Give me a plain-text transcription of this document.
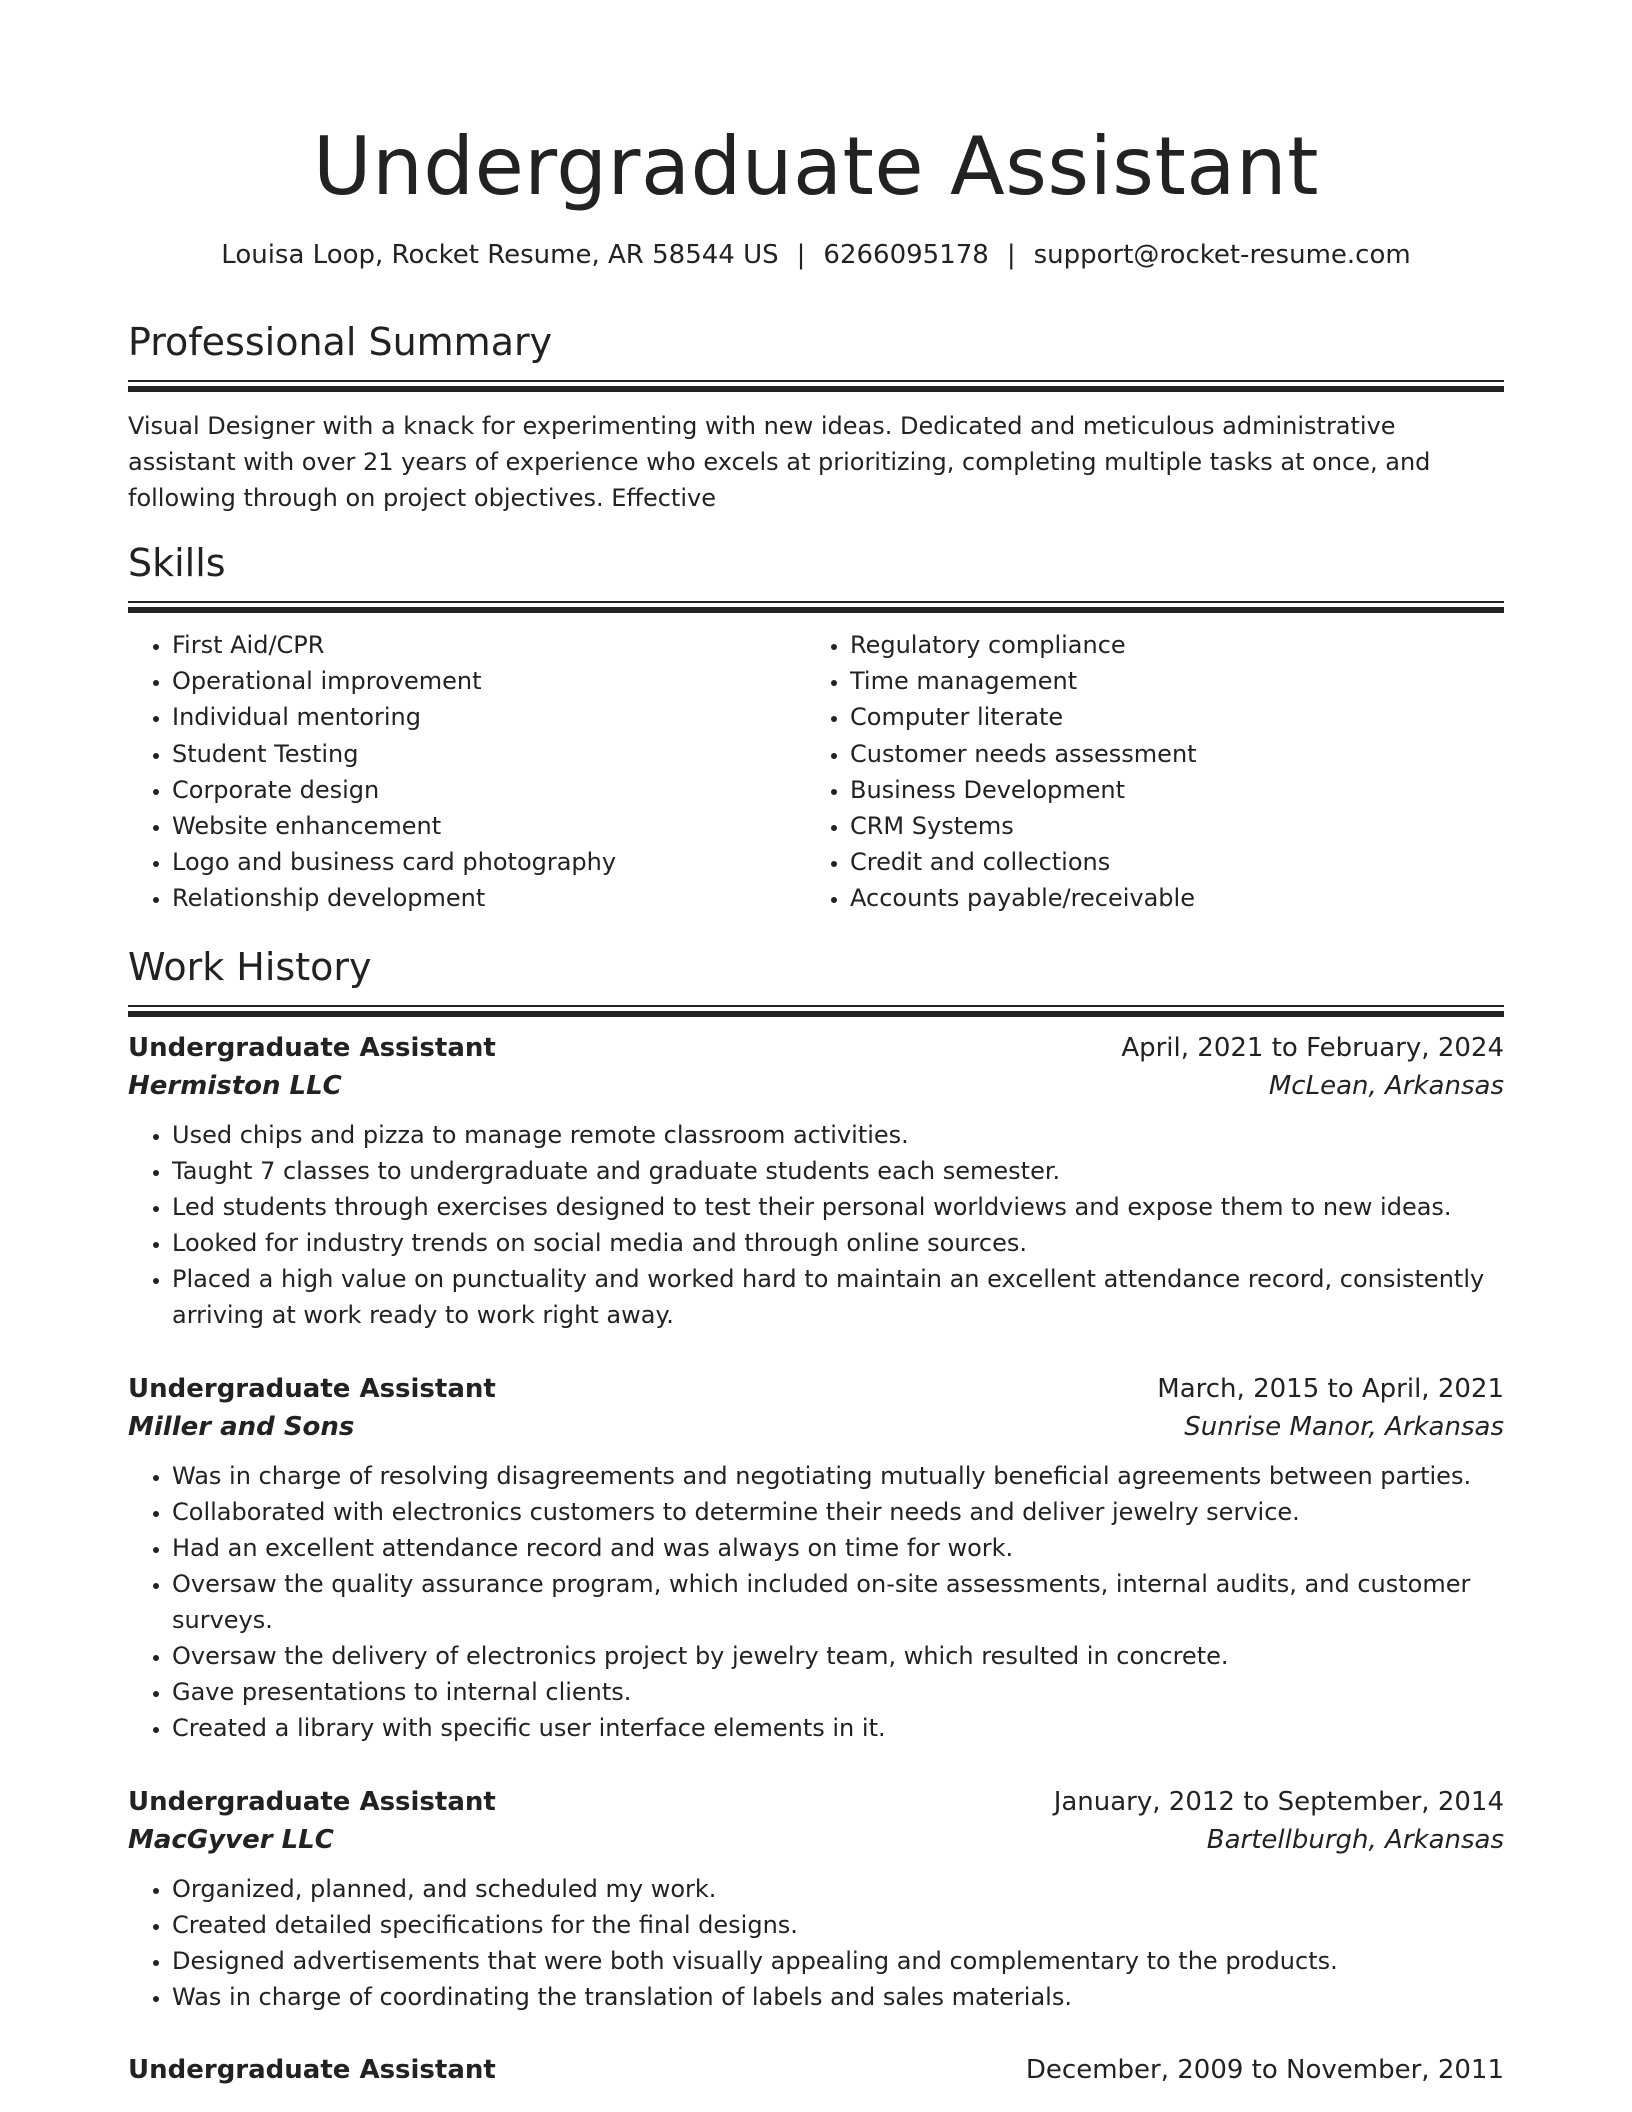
Undergraduate Assistant
Louisa Loop, Rocket Resume, AR 58544 US | 6266095178 | support@rocket-resume.com
Professional Summary

Visual Designer with a knack for experimenting with new ideas. Dedicated and meticulous administrative assistant with over 21 years of experience who excels at prioritizing, completing multiple tasks at once, and following through on project objectives. Effective

Skills
• First Aid/CPR
• Operational improvement
• Individual mentoring
• Student Testing
• Corporate design
• Website enhancement
• Logo and business card photography
• Relationship development
• Regulatory compliance
• Time management
• Computer literate
• Customer needs assessment
• Business Development
• CRM Systems
• Credit and collections
• Accounts payable/receivable
Work History
Undergraduate Assistant	April, 2021 to February, 2024
Hermiston LLC	McLean, Arkansas
• Used chips and pizza to manage remote classroom activities.
• Taught 7 classes to undergraduate and graduate students each semester.
• Led students through exercises designed to test their personal worldviews and expose them to new ideas.
• Looked for industry trends on social media and through online sources.
• Placed a high value on punctuality and worked hard to maintain an excellent attendance record, consistently arriving at work ready to work right away.
Undergraduate Assistant	March, 2015 to April, 2021
Miller and Sons	Sunrise Manor, Arkansas
• Was in charge of resolving disagreements and negotiating mutually beneficial agreements between parties.
• Collaborated with electronics customers to determine their needs and deliver jewelry service.
• Had an excellent attendance record and was always on time for work.
• Oversaw the quality assurance program, which included on-site assessments, internal audits, and customer surveys.
• Oversaw the delivery of electronics project by jewelry team, which resulted in concrete.
• Gave presentations to internal clients.
• Created a library with specific user interface elements in it.
Undergraduate Assistant	January, 2012 to September, 2014
MacGyver LLC	Bartellburgh, Arkansas
• Organized, planned, and scheduled my work.
• Created detailed specifications for the final designs.
• Designed advertisements that were both visually appealing and complementary to the products.
• Was in charge of coordinating the translation of labels and sales materials.
Undergraduate Assistant	December, 2009 to November, 2011
